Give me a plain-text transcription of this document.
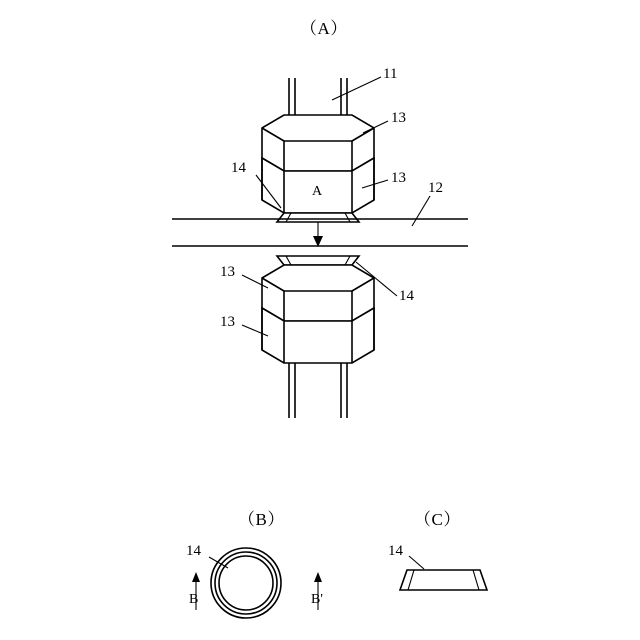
（A）
11
13
13
14
12
A
13
13
14
（B）
14
B	B'
（C）
14
